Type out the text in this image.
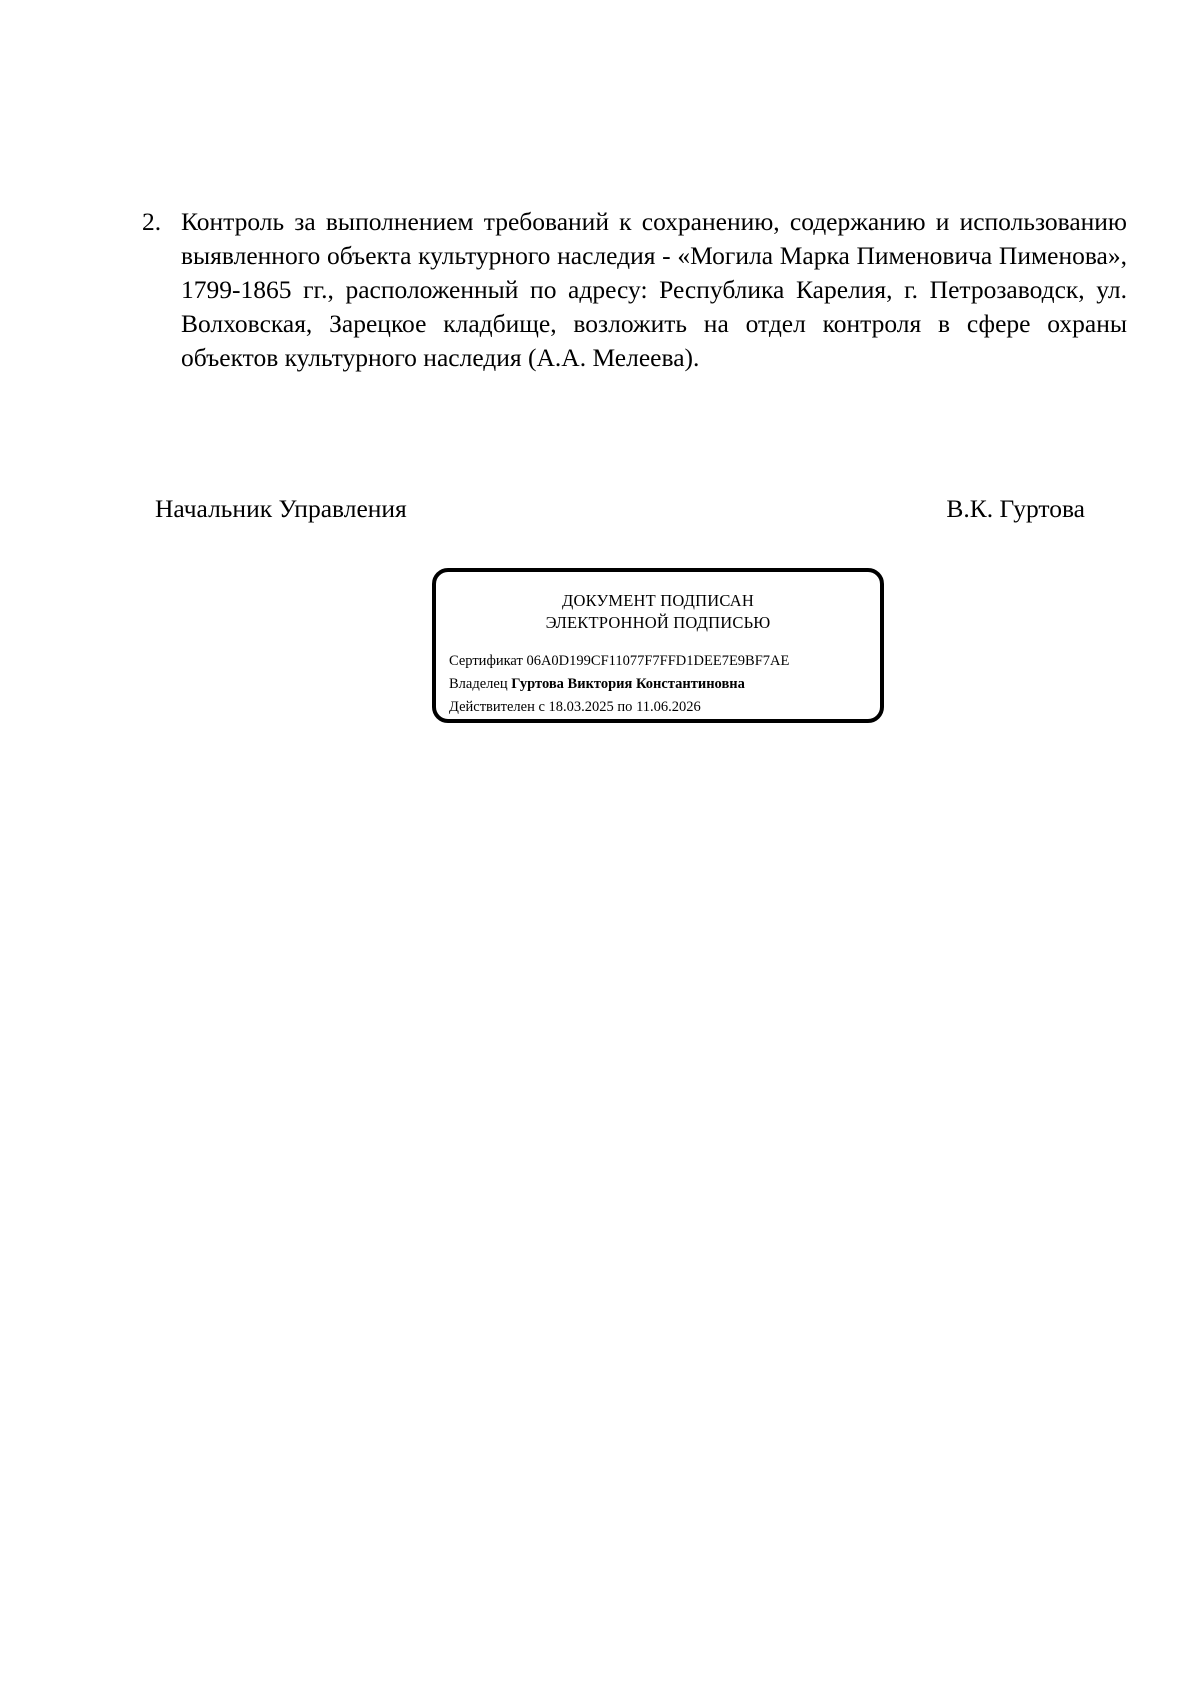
2. Контроль за выполнением требований к сохранению, содержанию и использованию выявленного объекта культурного наследия - «Могила Марка Пименовича Пименова», 1799-1865 гг., расположенный по адресу: Республика Карелия, г. Петрозаводск, ул. Волховская, Зарецкое кладбище, возложить на отдел контроля в сфере охраны объектов культурного наследия (А.А. Мелеева).
Начальник Управления	В.К. Гуртова
ДОКУМЕНТ ПОДПИСАН
ЭЛЕКТРОННОЙ ПОДПИСЬЮ
Сертификат 06A0D199CF11077F7FFD1DEE7E9BF7AE
Владелец Гуртова Виктория Константиновна
Действителен с 18.03.2025 по 11.06.2026
